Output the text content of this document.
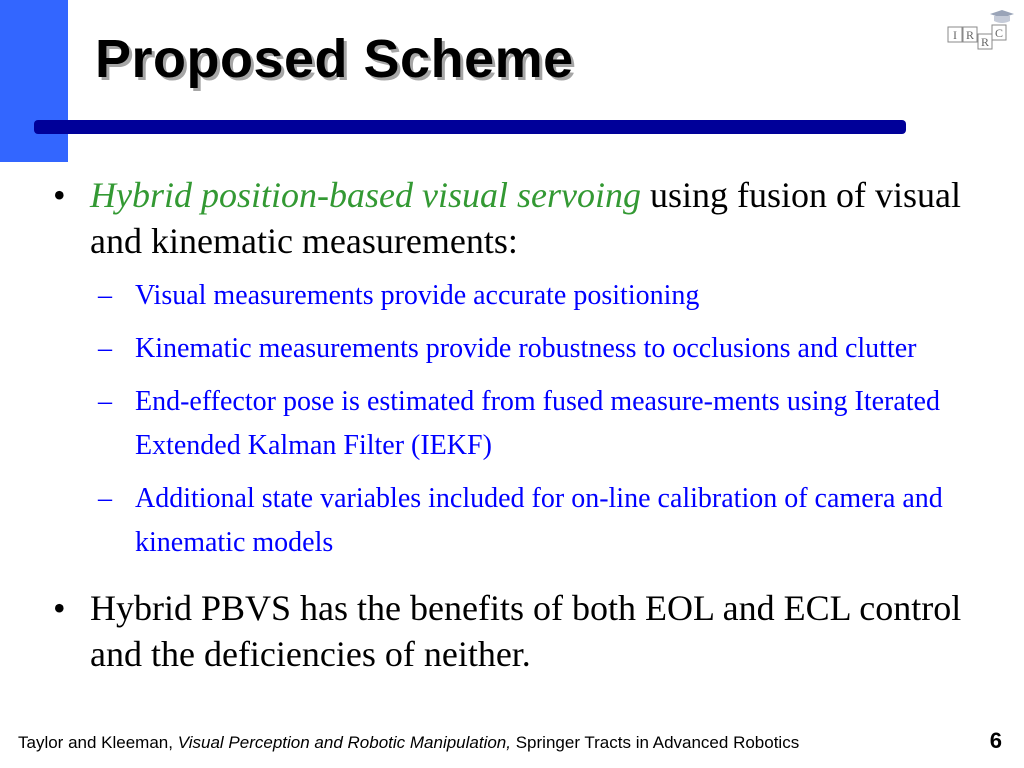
Proposed Scheme	I R R
C
• Hybrid position-based visual servoing using fusion of visual and kinematic measurements:
– Visual measurements provide accurate positioning
– Kinematic measurements provide robustness to occlusions and clutter
– End-effector pose is estimated from fused measure-ments using Iterated Extended Kalman Filter (IEKF)
– Additional state variables included for on-line calibration of camera and kinematic models
• Hybrid PBVS has the benefits of both EOL and ECL control and the deficiencies of neither.
Taylor and Kleeman, Visual Perception and Robotic Manipulation, Springer Tracts in Advanced Robotics	6
